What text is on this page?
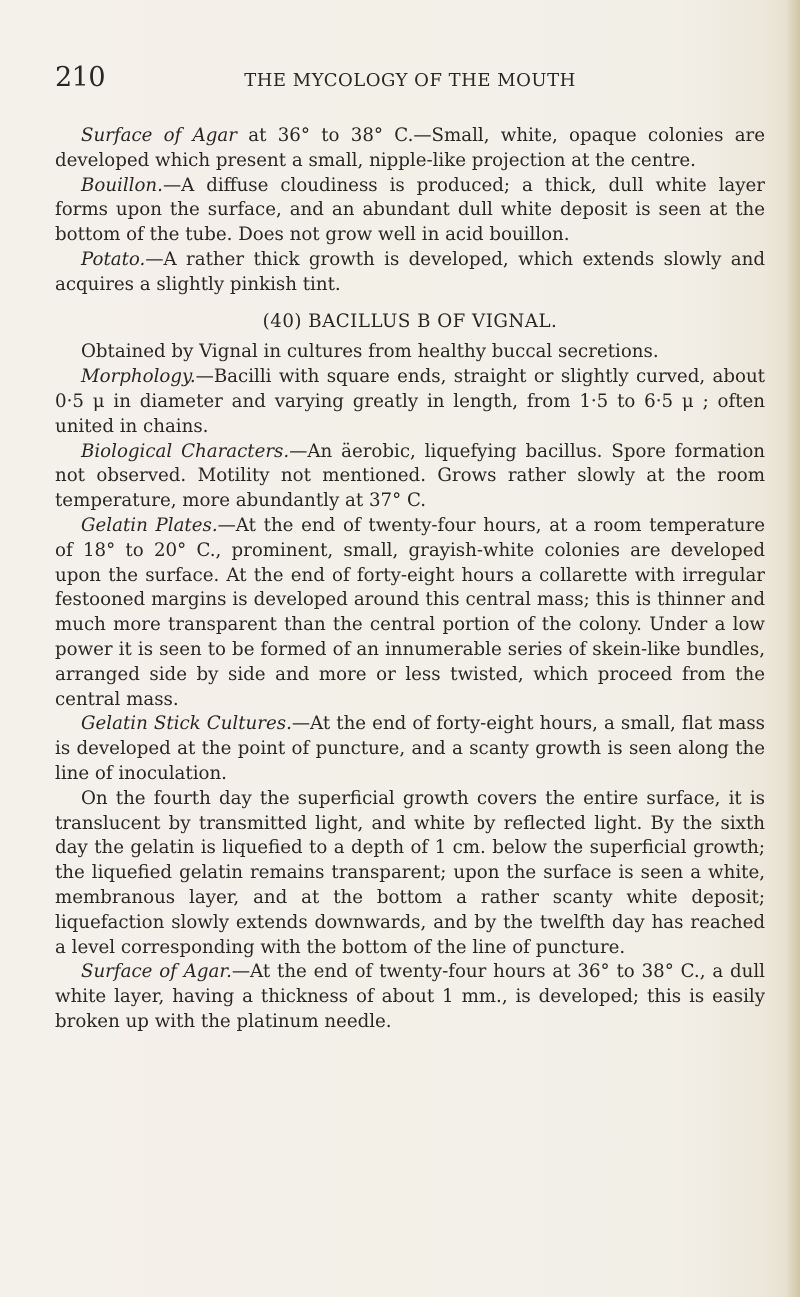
210	THE MYCOLOGY OF THE MOUTH

Surface of Agar at 36° to 38° C.—Small, white, opaque colonies are developed which present a small, nipple-like projection at the centre.

Bouillon.—A diffuse cloudiness is produced; a thick, dull white layer forms upon the surface, and an abundant dull white deposit is seen at the bottom of the tube. Does not grow well in acid bouillon.

Potato.—A rather thick growth is developed, which extends slowly and acquires a slightly pinkish tint.

(40) BACILLUS B OF VIGNAL.

Obtained by Vignal in cultures from healthy buccal secretions.

Morphology.—Bacilli with square ends, straight or slightly curved, about 0·5 μ in diameter and varying greatly in length, from 1·5 to 6·5 μ ; often united in chains.

Biological Characters.—An äerobic, liquefying bacillus. Spore formation not observed. Motility not mentioned. Grows rather slowly at the room temperature, more abundantly at 37° C.

Gelatin Plates.—At the end of twenty-four hours, at a room temperature of 18° to 20° C., prominent, small, grayish-white colonies are developed upon the surface. At the end of forty-eight hours a collarette with irregular festooned margins is developed around this central mass; this is thinner and much more transparent than the central portion of the colony. Under a low power it is seen to be formed of an innumerable series of skein-like bundles, arranged side by side and more or less twisted, which proceed from the central mass.

Gelatin Stick Cultures.—At the end of forty-eight hours, a small, flat mass is developed at the point of puncture, and a scanty growth is seen along the line of inoculation.

On the fourth day the superficial growth covers the entire surface, it is translucent by transmitted light, and white by reflected light. By the sixth day the gelatin is liquefied to a depth of 1 cm. below the superficial growth; the liquefied gelatin remains transparent; upon the surface is seen a white, membranous layer, and at the bottom a rather scanty white deposit; liquefaction slowly extends downwards, and by the twelfth day has reached a level corresponding with the bottom of the line of puncture.

Surface of Agar.—At the end of twenty-four hours at 36° to 38° C., a dull white layer, having a thickness of about 1 mm., is developed; this is easily broken up with the platinum needle.
